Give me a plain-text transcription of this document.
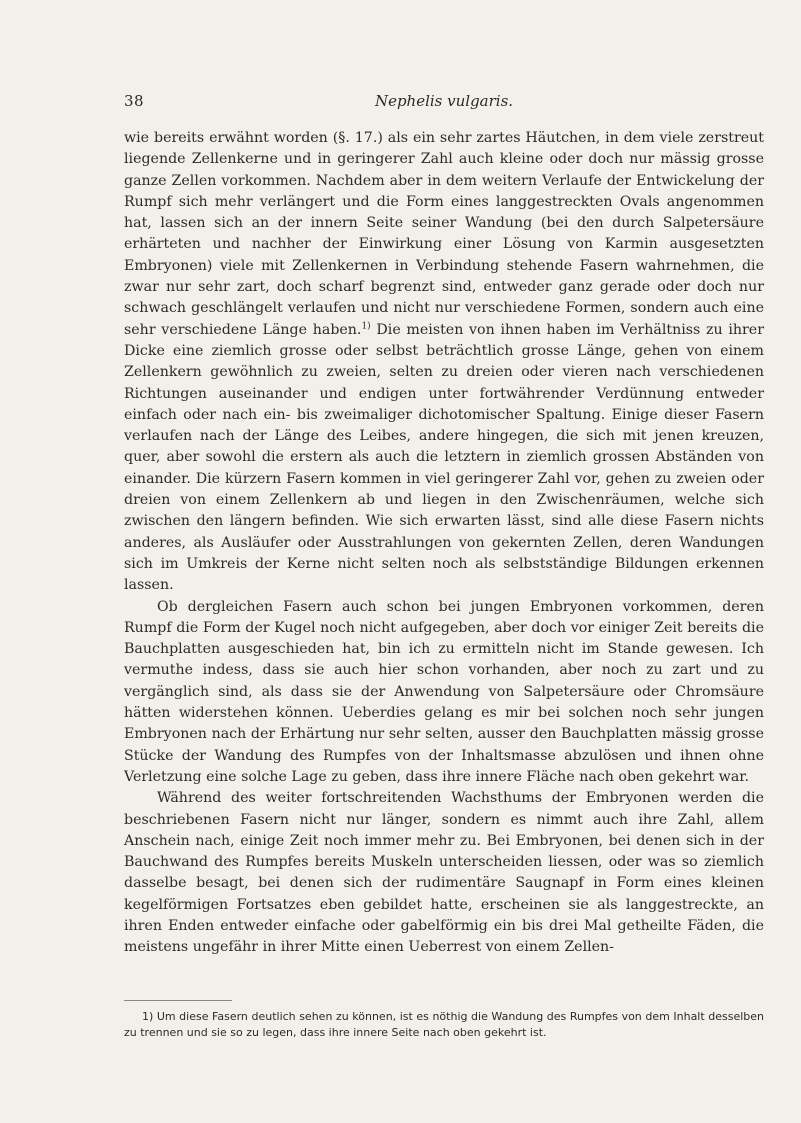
38	Nephelis vulgaris.

wie bereits erwähnt worden (§. 17.) als ein sehr zartes Häutchen, in dem viele zerstreut liegende Zellenkerne und in geringerer Zahl auch kleine oder doch nur mässig grosse ganze Zellen vorkommen. Nachdem aber in dem weitern Verlaufe der Entwickelung der Rumpf sich mehr verlängert und die Form eines langgestreckten Ovals angenommen hat, lassen sich an der innern Seite seiner Wandung (bei den durch Salpetersäure erhärteten und nachher der Einwirkung einer Lösung von Karmin ausgesetzten Embryonen) viele mit Zellenkernen in Verbindung stehende Fasern wahrnehmen, die zwar nur sehr zart, doch scharf begrenzt sind, entweder ganz gerade oder doch nur schwach geschlängelt verlaufen und nicht nur verschiedene Formen, sondern auch eine sehr verschiedene Länge haben.$^{1)}$ Die meisten von ihnen haben im Verhältniss zu ihrer Dicke eine ziemlich grosse oder selbst beträchtlich grosse Länge, gehen von einem Zellenkern gewöhnlich zu zweien, selten zu dreien oder vieren nach verschiedenen Richtungen auseinander und endigen unter fortwährender Verdünnung entweder einfach oder nach ein- bis zweimaliger dichotomischer Spaltung. Einige dieser Fasern verlaufen nach der Länge des Leibes, andere hingegen, die sich mit jenen kreuzen, quer, aber sowohl die erstern als auch die letztern in ziemlich grossen Abständen von einander. Die kürzern Fasern kommen in viel geringerer Zahl vor, gehen zu zweien oder dreien von einem Zellenkern ab und liegen in den Zwischenräumen, welche sich zwischen den längern befinden. Wie sich erwarten lässt, sind alle diese Fasern nichts anderes, als Ausläufer oder Ausstrahlungen von gekernten Zellen, deren Wandungen sich im Umkreis der Kerne nicht selten noch als selbstständige Bildungen erkennen lassen.

Ob dergleichen Fasern auch schon bei jungen Embryonen vorkommen, deren Rumpf die Form der Kugel noch nicht aufgegeben, aber doch vor einiger Zeit bereits die Bauchplatten ausgeschieden hat, bin ich zu ermitteln nicht im Stande gewesen. Ich vermuthe indess, dass sie auch hier schon vorhanden, aber noch zu zart und zu vergänglich sind, als dass sie der Anwendung von Salpetersäure oder Chromsäure hätten widerstehen können. Ueberdies gelang es mir bei solchen noch sehr jungen Embryonen nach der Erhärtung nur sehr selten, ausser den Bauchplatten mässig grosse Stücke der Wandung des Rumpfes von der Inhaltsmasse abzulösen und ihnen ohne Verletzung eine solche Lage zu geben, dass ihre innere Fläche nach oben gekehrt war.

Während des weiter fortschreitenden Wachsthums der Embryonen werden die beschriebenen Fasern nicht nur länger, sondern es nimmt auch ihre Zahl, allem Anschein nach, einige Zeit noch immer mehr zu. Bei Embryonen, bei denen sich in der Bauchwand des Rumpfes bereits Muskeln unterscheiden liessen, oder was so ziemlich dasselbe besagt, bei denen sich der rudimentäre Saugnapf in Form eines kleinen kegelförmigen Fortsatzes eben gebildet hatte, erscheinen sie als langgestreckte, an ihren Enden entweder einfache oder gabelförmig ein bis drei Mal getheilte Fäden, die meistens ungefähr in ihrer Mitte einen Ueberrest von einem Zellen-

1) Um diese Fasern deutlich sehen zu können, ist es nöthig die Wandung des Rumpfes von dem Inhalt desselben zu trennen und sie so zu legen, dass ihre innere Seite nach oben gekehrt ist.
